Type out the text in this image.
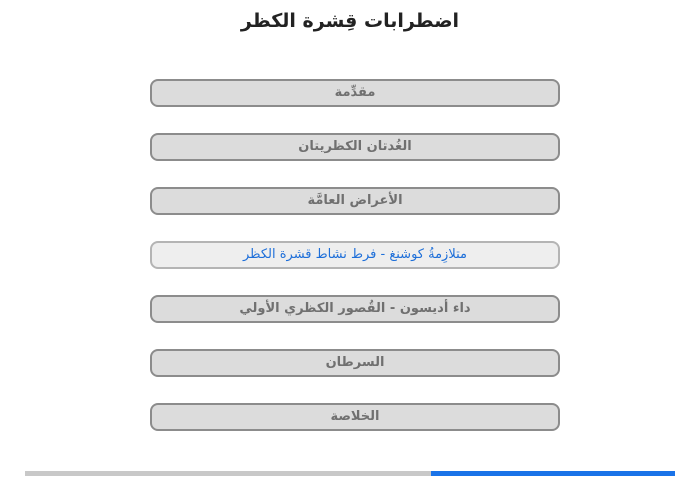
اضطرابات قِشرة الكظر
مقدِّمة
الغُدتان الكظريتان
الأعراض العامَّة
متلازِمةُ كوشنغ - فرط نشاط قشرة الكظر
داء أديسون - القُصور الكظري الأولي
السرطان
الخلاصة
